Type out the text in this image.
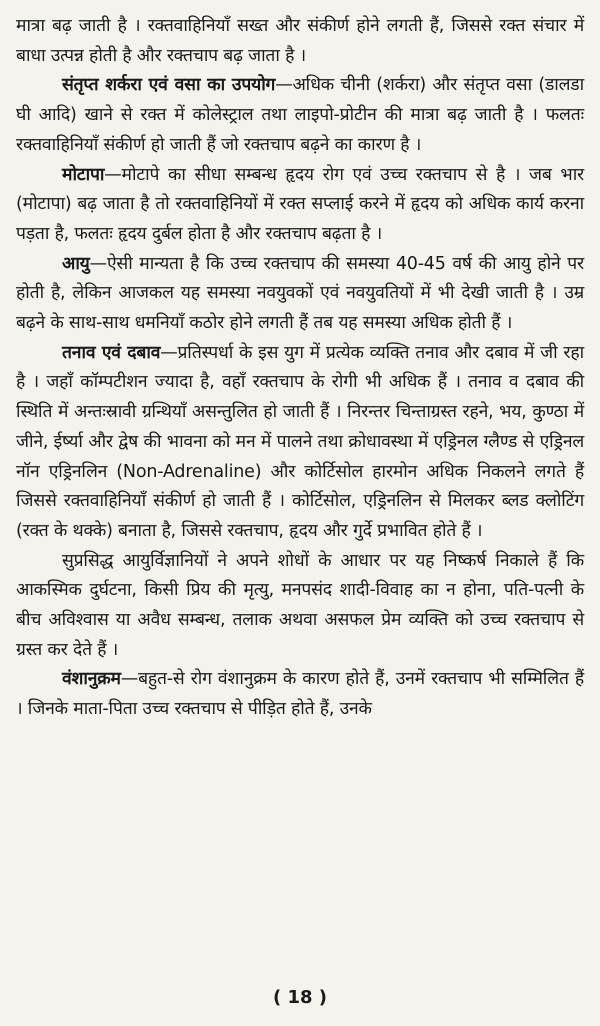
मात्रा बढ़ जाती है । रक्तवाहिनियाँ सख्त और संकीर्ण होने लगती हैं, जिससे रक्त संचार में बाधा उत्पन्न होती है और रक्तचाप बढ़ जाता है ।

संतृप्त शर्करा एवं वसा का उपयोग—अधिक चीनी (शर्करा) और संतृप्त वसा (डालडा घी आदि) खाने से रक्त में कोलेस्ट्राल तथा लाइपो-प्रोटीन की मात्रा बढ़ जाती है । फलतः रक्तवाहिनियाँ संकीर्ण हो जाती हैं जो रक्तचाप बढ़ने का कारण है ।

मोटापा—मोटापे का सीधा सम्बन्ध हृदय रोग एवं उच्च रक्तचाप से है । जब भार (मोटापा) बढ़ जाता है तो रक्तवाहिनियों में रक्त सप्लाई करने में हृदय को अधिक कार्य करना पड़ता है, फलतः हृदय दुर्बल होता है और रक्तचाप बढ़ता है ।

आयु—ऐसी मान्यता है कि उच्च रक्तचाप की समस्या 40-45 वर्ष की आयु होने पर होती है, लेकिन आजकल यह समस्या नवयुवकों एवं नवयुवतियों में भी देखी जाती है । उम्र बढ़ने के साथ-साथ धमनियाँ कठोर होने लगती हैं तब यह समस्या अधिक होती हैं ।

तनाव एवं दबाव—प्रतिस्पर्धा के इस युग में प्रत्येक व्यक्ति तनाव और दबाव में जी रहा है । जहाँ कॉम्पटीशन ज्यादा है, वहाँ रक्तचाप के रोगी भी अधिक हैं । तनाव व दबाव की स्थिति में अन्तःस्रावी ग्रन्थियाँ असन्तुलित हो जाती हैं । निरन्तर चिन्ताग्रस्त रहने, भय, कुण्ठा में जीने, ईर्ष्या और द्वेष की भावना को मन में पालने तथा क्रोधावस्था में एड्रिनल ग्लैण्ड से एड्रिनल नॉन एड्रिनलिन (Non-Adrenaline) और कोर्टिसोल हारमोन अधिक निकलने लगते हैं जिससे रक्तवाहिनियाँ संकीर्ण हो जाती हैं । कोर्टिसोल, एड्रिनलिन से मिलकर ब्लड क्लोटिंग (रक्त के थक्के) बनाता है, जिससे रक्तचाप, हृदय और गुर्दे प्रभावित होते हैं ।

सुप्रसिद्ध आयुर्विज्ञानियों ने अपने शोधों के आधार पर यह निष्कर्ष निकाले हैं कि आकस्मिक दुर्घटना, किसी प्रिय की मृत्यु, मनपसंद शादी-विवाह का न होना, पति-पत्नी के बीच अविश्वास या अवैध सम्बन्ध, तलाक अथवा असफल प्रेम व्यक्ति को उच्च रक्तचाप से ग्रस्त कर देते हैं ।

वंशानुक्रम—बहुत-से रोग वंशानुक्रम के कारण होते हैं, उनमें रक्तचाप भी सम्मिलित हैं । जिनके माता-पिता उच्च रक्तचाप से पीड़ित होते हैं, उनके

( 18 )
